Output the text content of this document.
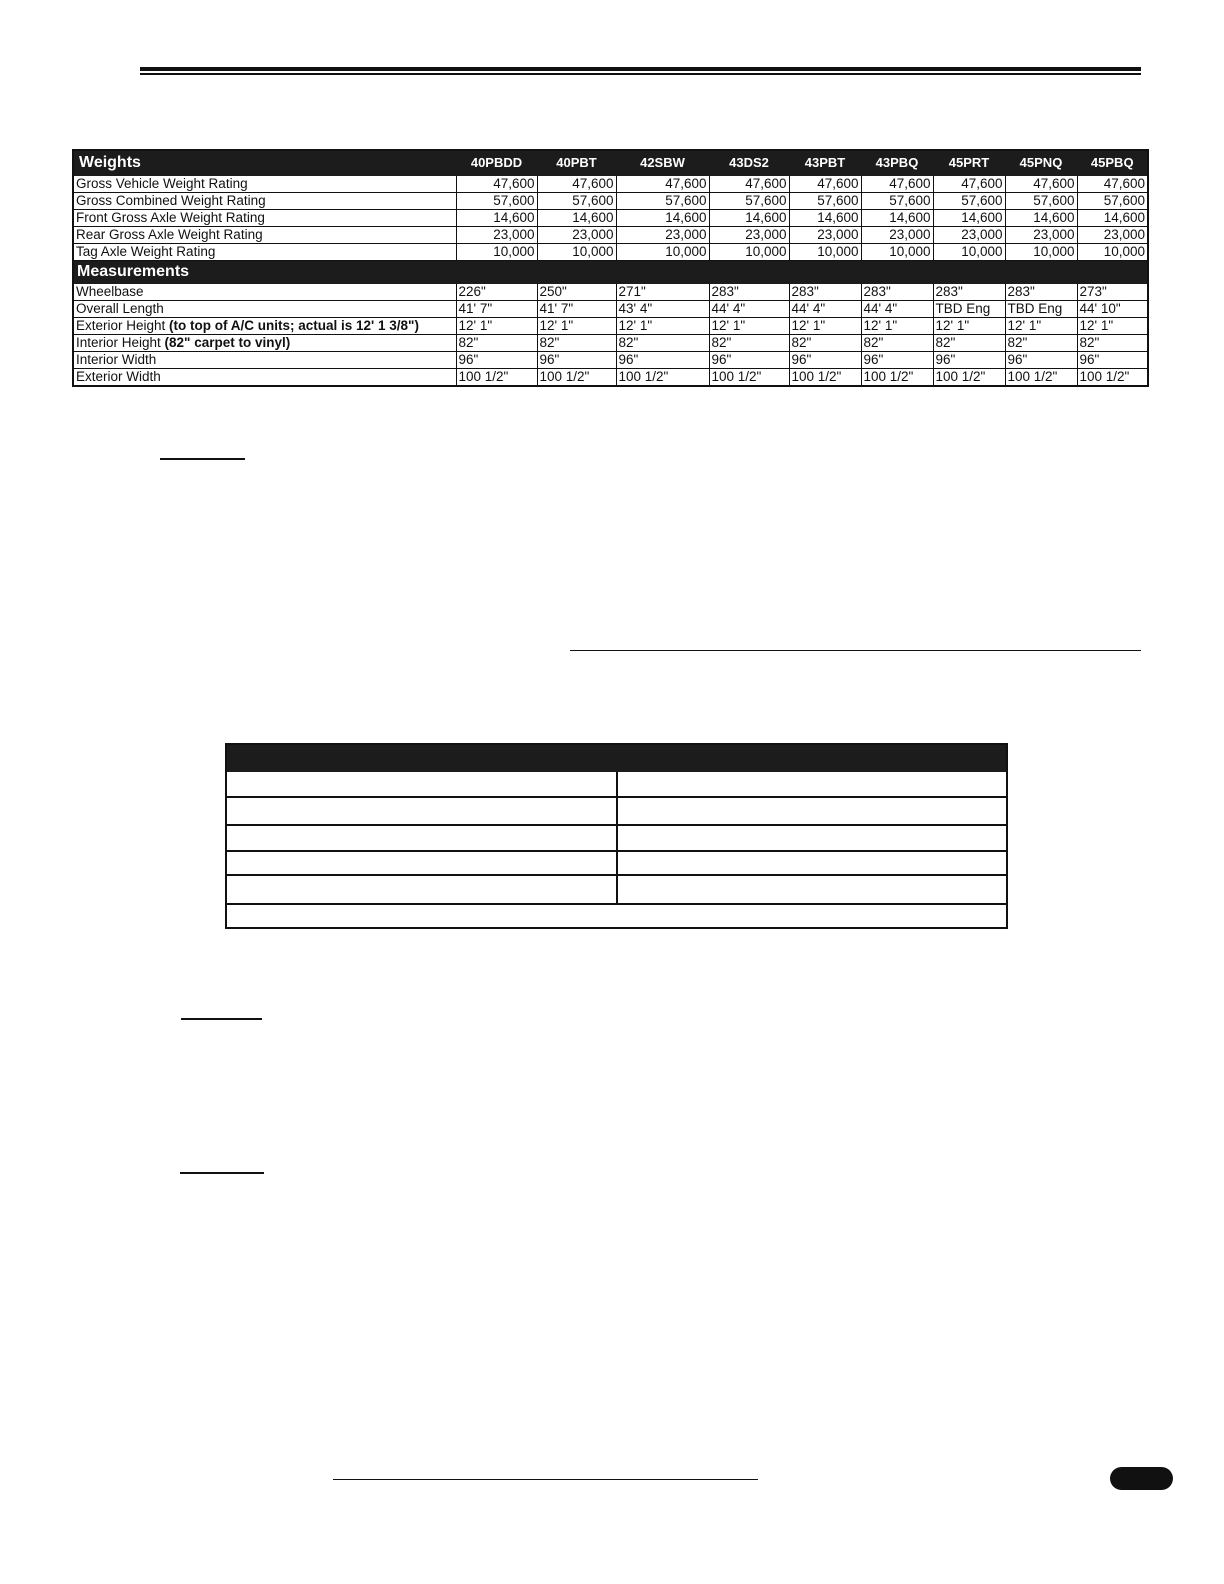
Weights	40PBDD	40PBT	42SBW	43DS2	43PBT	43PBQ	45PRT	45PNQ	45PBQ
Gross Vehicle Weight Rating	47,600	47,600	47,600	47,600	47,600	47,600	47,600	47,600	47,600
Gross Combined Weight Rating	57,600	57,600	57,600	57,600	57,600	57,600	57,600	57,600	57,600
Front Gross Axle Weight Rating	14,600	14,600	14,600	14,600	14,600	14,600	14,600	14,600	14,600
Rear Gross Axle Weight Rating	23,000	23,000	23,000	23,000	23,000	23,000	23,000	23,000	23,000
Tag Axle Weight Rating	10,000	10,000	10,000	10,000	10,000	10,000	10,000	10,000	10,000
Measurements									
Wheelbase	226"	250"	271"	283"	283"	283"	283"	283"	273"
Overall Length	41' 7"	41' 7"	43' 4"	44' 4"	44' 4"	44' 4"	TBD Eng	TBD Eng	44' 10"
Exterior Height (to top of A/C units; actual is 12' 1 3/8")	12' 1"	12' 1"	12' 1"	12' 1"	12' 1"	12' 1"	12' 1"	12' 1"	12' 1"
Interior Height (82" carpet to vinyl)	82"	82"	82"	82"	82"	82"	82"	82"	82"
Interior Width	96"	96"	96"	96"	96"	96"	96"	96"	96"
Exterior Width	100 1/2"	100 1/2"	100 1/2"	100 1/2"	100 1/2"	100 1/2"	100 1/2"	100 1/2"	100 1/2"
